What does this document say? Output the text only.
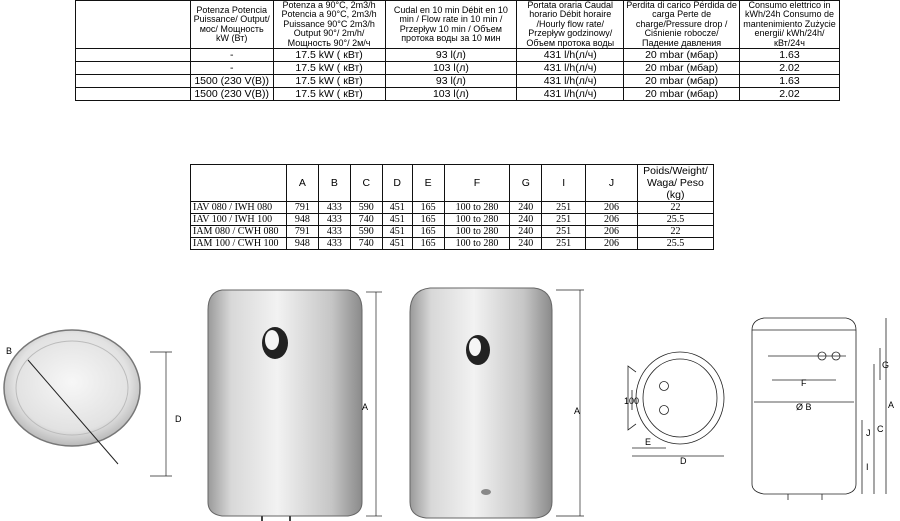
	Potenza Potencia Puissance/ Output/ мос/ Мощность kW (Вт)	Potenza a 90°C, 2m3/h Potencia a 90°C, 2m3/h Puissance 90°C 2m3/h Output 90°/ 2m/h/ Мощность 90°/ 2м/ч	Cudal en 10 min Débit en 10 min / Flow rate in 10 min / Przepływ 10 min / Объем протока воды за 10 мин	Portata oraria Caudal horario Débit horaire /Hourly flow rate/ Przepływ godzinowy/ Объем протока воды	Perdita di carico Pérdida de carga Perte de charge/Pressure drop / Ciśnienie robocze/ Падение давления	Consumo elettrico in kWh/24h Consumo de mantenimiento Zużycie energii/ kWh/24h/кВт/24ч
	-	17.5 kW ( кВт)	93 l(л)	431 l/h(л/ч)	20 mbar (мбар)	1.63
	-	17.5 kW ( кВт)	103 l(л)	431 l/h(л/ч)	20 mbar (мбар)	2.02
	1500 (230 V(B))	17.5 kW ( кВт)	93 l(л)	431 l/h(л/ч)	20 mbar (мбар)	1.63
	1500 (230 V(B))	17.5 kW ( кВт)	103 l(л)	431 l/h(л/ч)	20 mbar (мбар)	2.02
	A	B	C	D	E	F	G	I	J	Poids/Weight/ Waga/ Peso (kg)
IAV 080 / IWH 080	791	433	590	451	165	100 to 280	240	251	206	22
IAV 100 / IWH 100	948	433	740	451	165	100 to 280	240	251	206	25.5
IAM 080 / CWH 080	791	433	590	451	165	100 to 280	240	251	206	22
IAM 100 / CWH 100	948	433	740	451	165	100 to 280	240	251	206	25.5
B
D
A	A
100
E
D
F
Ø B
J
I
C
A
G
